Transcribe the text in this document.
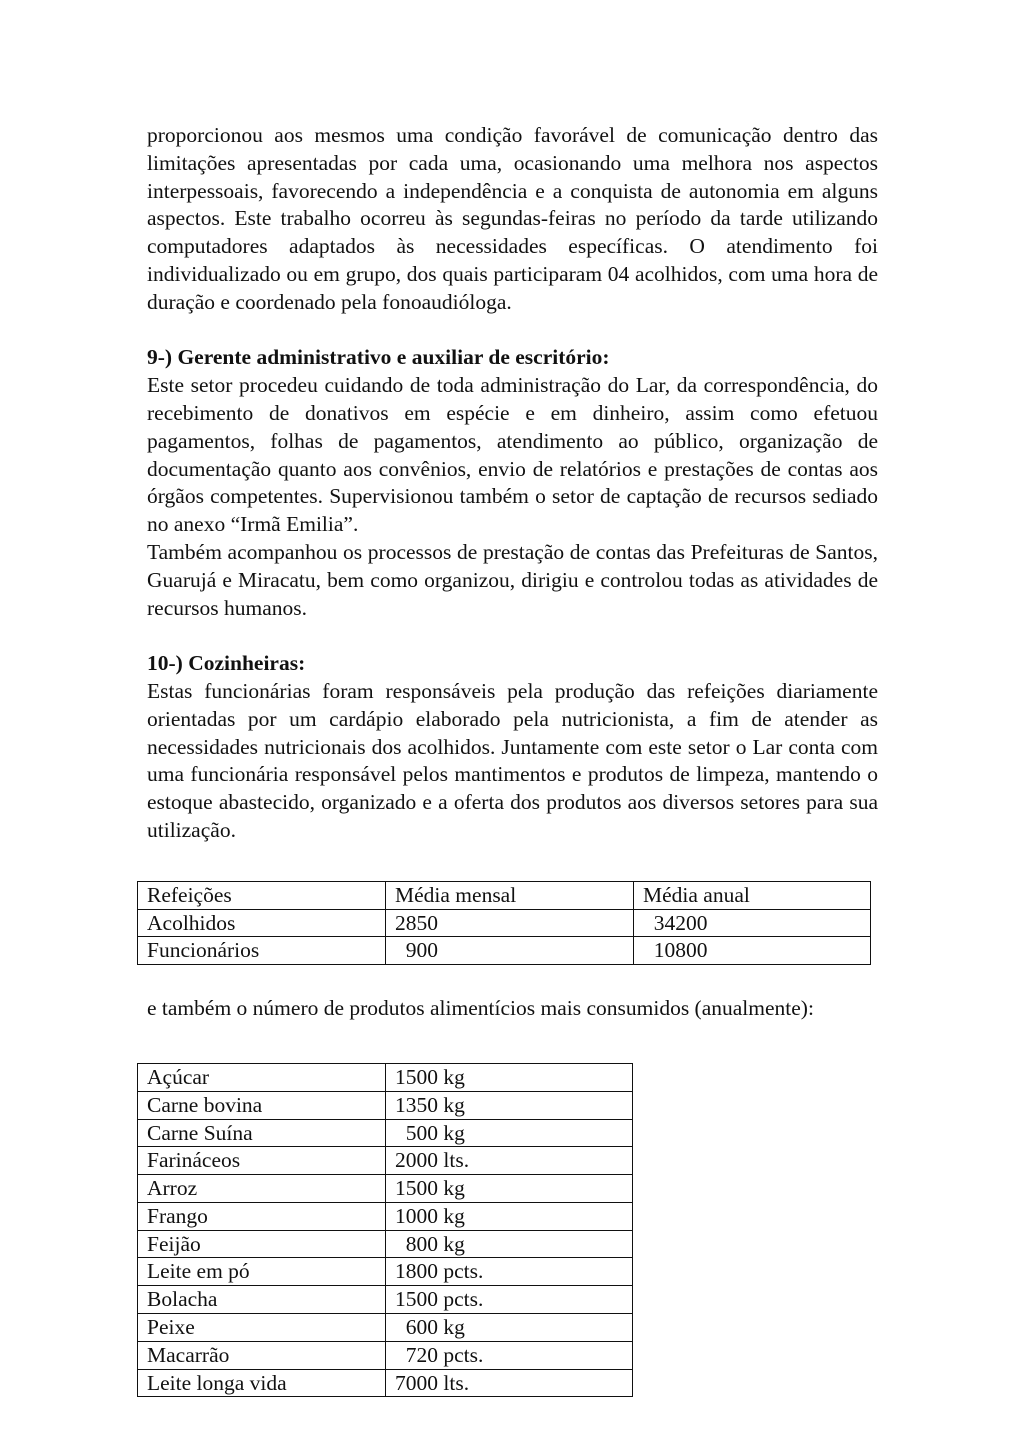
proporcionou aos mesmos uma condição favorável de comunicação dentro das limitações apresentadas por cada uma, ocasionando uma melhora nos aspectos interpessoais, favorecendo a independência e a conquista de autonomia em alguns aspectos. Este trabalho ocorreu às segundas-feiras no período da tarde utilizando computadores adaptados às necessidades específicas. O atendimento foi individualizado ou em grupo, dos quais participaram 04 acolhidos, com uma hora de duração e coordenado pela fonoaudióloga.

9-) Gerente administrativo e auxiliar de escritório:

Este setor procedeu cuidando de toda administração do Lar, da correspondência, do recebimento de donativos em espécie e em dinheiro, assim como efetuou pagamentos, folhas de pagamentos, atendimento ao público, organização de documentação quanto aos convênios, envio de relatórios e prestações de contas aos órgãos competentes. Supervisionou também o setor de captação de recursos sediado no anexo “Irmã Emilia”.

Também acompanhou os processos de prestação de contas das Prefeituras de Santos, Guarujá e Miracatu, bem como organizou, dirigiu e controlou todas as atividades de recursos humanos.

10-) Cozinheiras:

Estas funcionárias foram responsáveis pela produção das refeições diariamente orientadas por um cardápio elaborado pela nutricionista, a fim de atender as necessidades nutricionais dos acolhidos. Juntamente com este setor o Lar conta com uma funcionária responsável pelos mantimentos e produtos de limpeza, mantendo o estoque abastecido, organizado e a oferta dos produtos aos diversos setores para sua utilização.

Refeições	Média mensal	Média anual
Acolhidos	2850	34200
Funcionários	900	10800

e também o número de produtos alimentícios mais consumidos (anualmente):

Açúcar	1500 kg
Carne bovina	1350 kg
Carne Suína	500 kg
Farináceos	2000 lts.
Arroz	1500 kg
Frango	1000 kg
Feijão	800 kg
Leite em pó	1800 pcts.
Bolacha	1500 pcts.
Peixe	600 kg
Macarrão	720 pcts.
Leite longa vida	7000 lts.
